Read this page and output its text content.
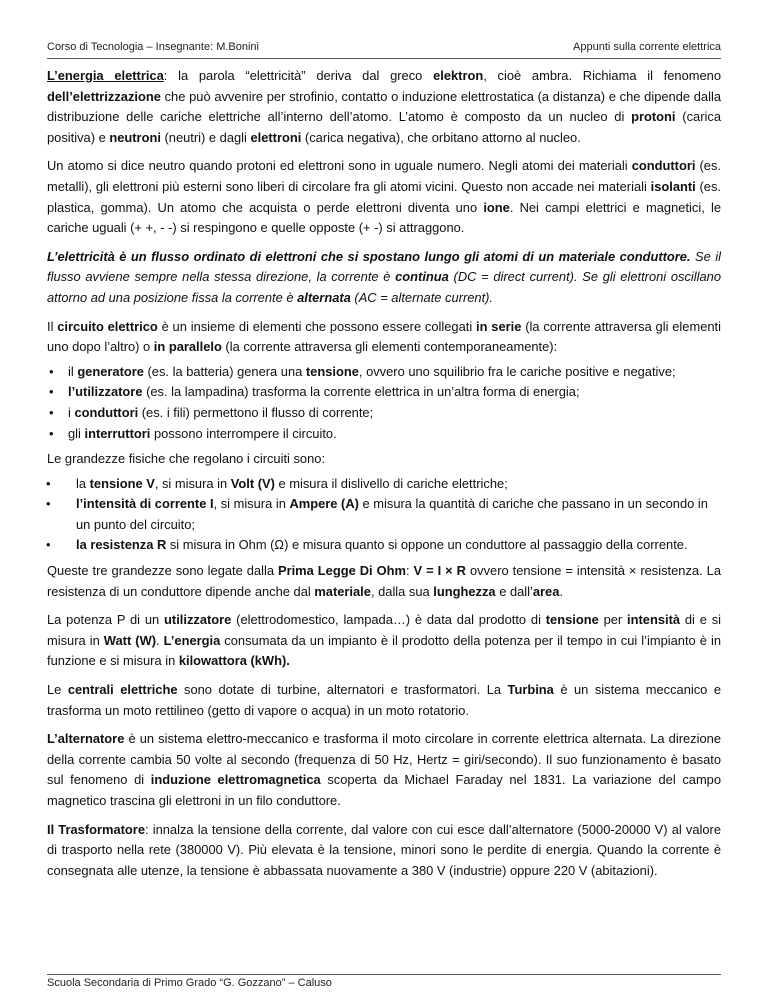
Corso di Tecnologia – Insegnante: M.Bonini	Appunti sulla corrente elettrica

L’energia elettrica: la parola “elettricità” deriva dal greco elektron, cioè ambra. Richiama il fenomeno dell’elettrizzazione che può avvenire per strofinio, contatto o induzione elettrostatica (a distanza) e che dipende dalla distribuzione delle cariche elettriche all’interno dell’atomo. L’atomo è composto da un nucleo di protoni (carica positiva) e neutroni (neutri) e dagli elettroni (carica negativa), che orbitano attorno al nucleo.

Un atomo si dice neutro quando protoni ed elettroni sono in uguale numero. Negli atomi dei materiali conduttori (es. metalli), gli elettroni più esterni sono liberi di circolare fra gli atomi vicini. Questo non accade nei materiali isolanti (es. plastica, gomma). Un atomo che acquista o perde elettroni diventa uno ione. Nei campi elettrici e magnetici, le cariche uguali (+ +, - -) si respingono e quelle opposte (+ -) si attraggono.

L’elettricità è un flusso ordinato di elettroni che si spostano lungo gli atomi di un materiale conduttore. Se il flusso avviene sempre nella stessa direzione, la corrente è continua (DC = direct current). Se gli elettroni oscillano attorno ad una posizione fissa la corrente è alternata (AC = alternate current).

Il circuito elettrico è un insieme di elementi che possono essere collegati in serie (la corrente attraversa gli elementi uno dopo l’altro) o in parallelo (la corrente attraversa gli elementi contemporaneamente):

• il generatore (es. la batteria) genera una tensione, ovvero uno squilibrio fra le cariche positive e negative;
• l’utilizzatore (es. la lampadina) trasforma la corrente elettrica in un’altra forma di energia;
• i conduttori (es. i fili) permettono il flusso di corrente;
• gli interruttori possono interrompere il circuito.

Le grandezze fisiche che regolano i circuiti sono:

• la tensione V, si misura in Volt (V) e misura il dislivello di cariche elettriche;
• l’intensità di corrente I, si misura in Ampere (A) e misura la quantità di cariche che passano in un secondo in un punto del circuito;
• la resistenza R si misura in Ohm (Ω) e misura quanto si oppone un conduttore al passaggio della corrente.

Queste tre grandezze sono legate dalla Prima Legge Di Ohm: V = I × R ovvero tensione = intensità × resistenza. La resistenza di un conduttore dipende anche dal materiale, dalla sua lunghezza e dall’area.

La potenza P di un utilizzatore (elettrodomestico, lampada…) è data dal prodotto di tensione per intensità di e si misura in Watt (W). L’energia consumata da un impianto è il prodotto della potenza per il tempo in cui l’impianto è in funzione e si misura in kilowattora (kWh).

Le centrali elettriche sono dotate di turbine, alternatori e trasformatori. La Turbina è un sistema meccanico e trasforma un moto rettilineo (getto di vapore o acqua) in un moto rotatorio.

L’alternatore è un sistema elettro-meccanico e trasforma il moto circolare in corrente elettrica alternata. La direzione della corrente cambia 50 volte al secondo (frequenza di 50 Hz, Hertz = giri/secondo). Il suo funzionamento è basato sul fenomeno di induzione elettromagnetica scoperta da Michael Faraday nel 1831. La variazione del campo magnetico trascina gli elettroni in un filo conduttore.

Il Trasformatore: innalza la tensione della corrente, dal valore con cui esce dall’alternatore (5000-20000 V) al valore di trasporto nella rete (380000 V). Più elevata è la tensione, minori sono le perdite di energia. Quando la corrente è consegnata alle utenze, la tensione è abbassata nuovamente a 380 V (industrie) oppure 220 V (abitazioni).

Scuola Secondaria di Primo Grado “G. Gozzano” – Caluso
